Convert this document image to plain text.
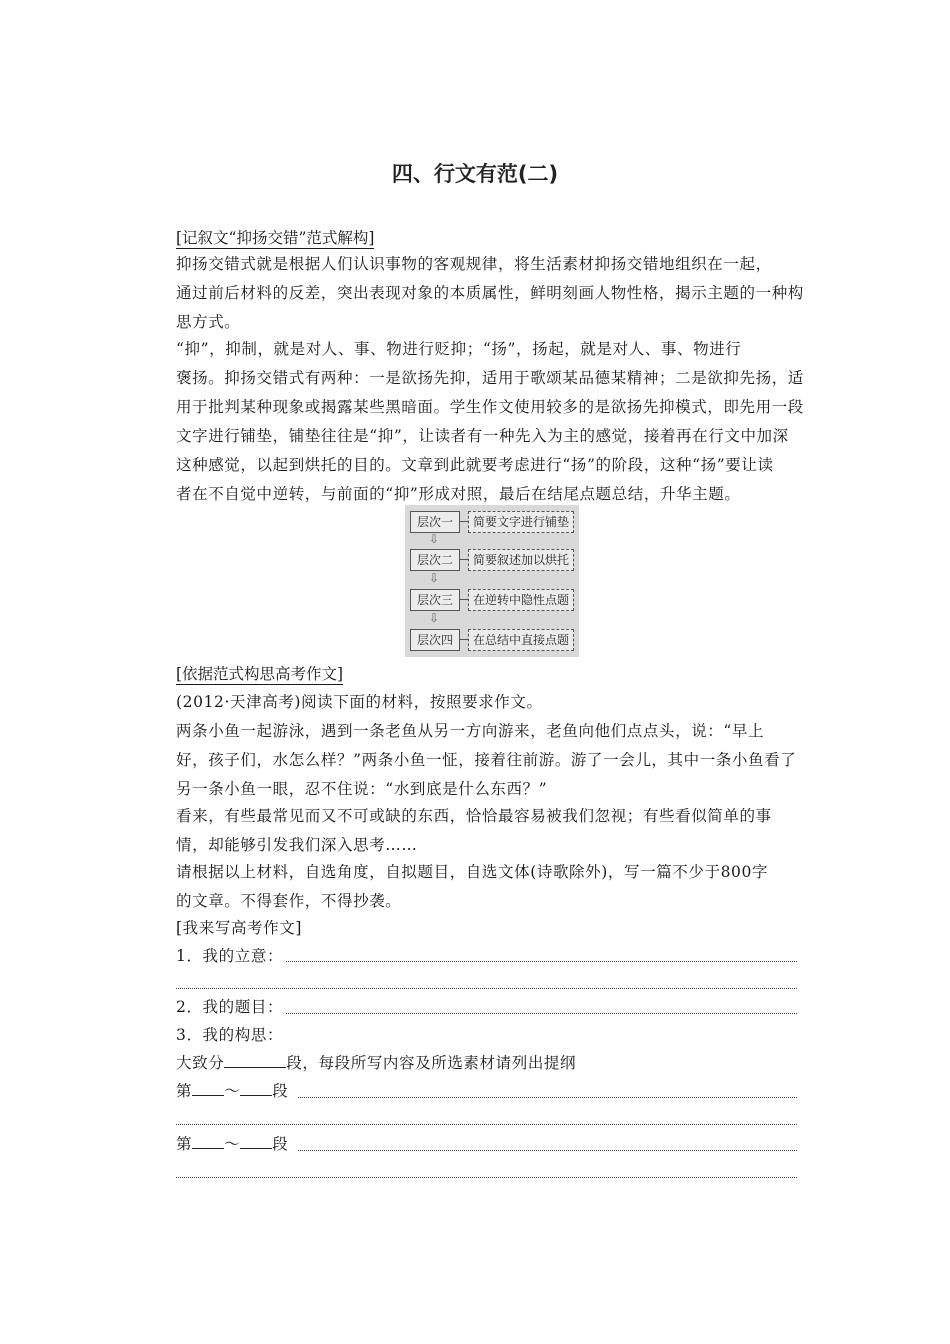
四、行文有范(二)
[记叙文“抑扬交错”范式解构]
抑扬交错式就是根据人们认识事物的客观规律，将生活素材抑扬交错地组织在一起，
通过前后材料的反差，突出表现对象的本质属性，鲜明刻画人物性格，揭示主题的一种构
思方式。
“抑”，抑制，就是对人、事、物进行贬抑；“扬”，扬起，就是对人、事、物进行
褒扬。抑扬交错式有两种：一是欲扬先抑，适用于歌颂某品德某精神；二是欲抑先扬，适
用于批判某种现象或揭露某些黑暗面。学生作文使用较多的是欲扬先抑模式，即先用一段
文字进行铺垫，铺垫往往是“抑”，让读者有一种先入为主的感觉，接着再在行文中加深
这种感觉，以起到烘托的目的。文章到此就要考虑进行“扬”的阶段，这种“扬”要让读
者在不自觉中逆转，与前面的“抑”形成对照，最后在结尾点题总结，升华主题。
层次一	简要文字进行铺垫
⇩
层次二	简要叙述加以烘托
⇩
层次三	在逆转中隐性点题
⇩
层次四	在总结中直接点题
[依据范式构思高考作文]
(2012·天津高考)阅读下面的材料，按照要求作文。
两条小鱼一起游泳，遇到一条老鱼从另一方向游来，老鱼向他们点点头，说：“早上
好，孩子们，水怎么样？”两条小鱼一怔，接着往前游。游了一会儿，其中一条小鱼看了
另一条小鱼一眼，忍不住说：“水到底是什么东西？”
看来，有些最常见而又不可或缺的东西，恰恰最容易被我们忽视；有些看似简单的事
情，却能够引发我们深入思考……
请根据以上材料，自选角度，自拟题目，自选文体(诗歌除外)，写一篇不少于800字
的文章。不得套作，不得抄袭。
[我来写高考作文]
1．我的立意：
2．我的题目：
3．我的构思：
大致分	段，每段所写内容及所选素材请列出提纲
第 ～ 段
第 ～ 段
